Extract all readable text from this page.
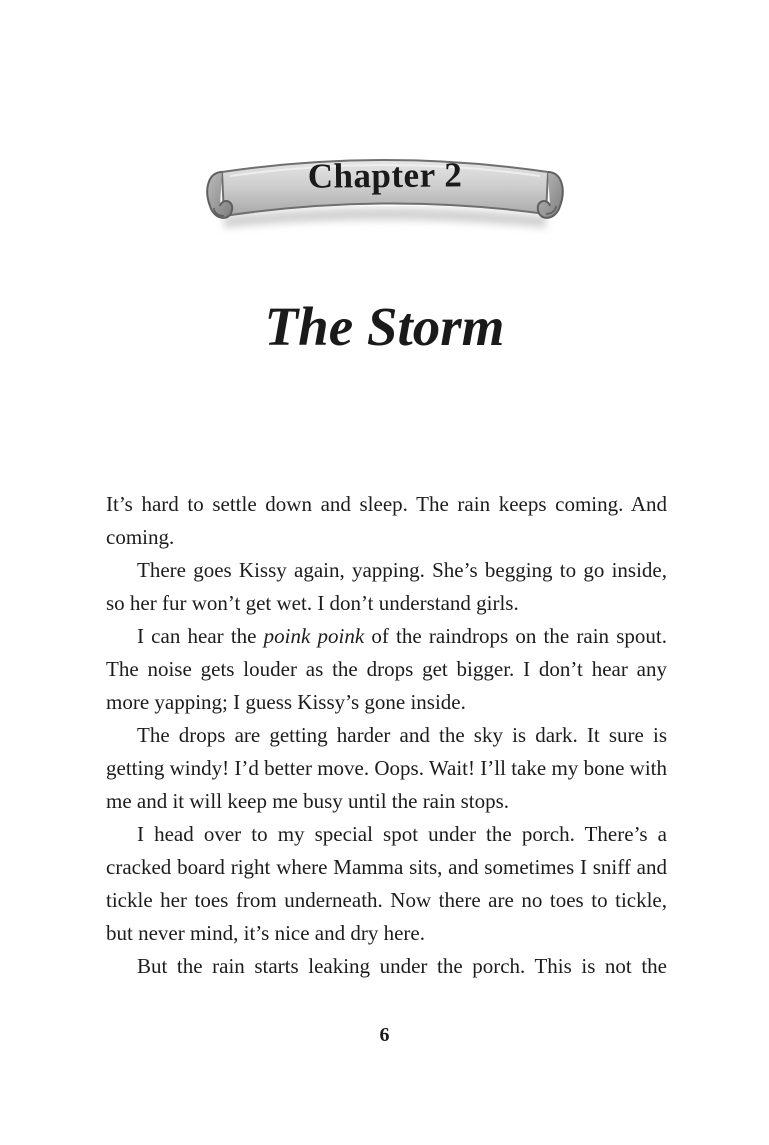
Chapter 2
The Storm

It’s hard to settle down and sleep. The rain keeps coming. And coming.

There goes Kissy again, yapping. She’s begging to go inside, so her fur won’t get wet. I don’t understand girls.

I can hear the poink poink of the raindrops on the rain spout. The noise gets louder as the drops get bigger. I don’t hear any more yapping; I guess Kissy’s gone inside.

The drops are getting harder and the sky is dark. It sure is getting windy! I’d better move. Oops. Wait! I’ll take my bone with me and it will keep me busy until the rain stops.

I head over to my special spot under the porch. There’s a cracked board right where Mamma sits, and sometimes I sniff and tickle her toes from underneath. Now there are no toes to tickle, but never mind, it’s nice and dry here.

But the rain starts leaking under the porch. This is not the

6
